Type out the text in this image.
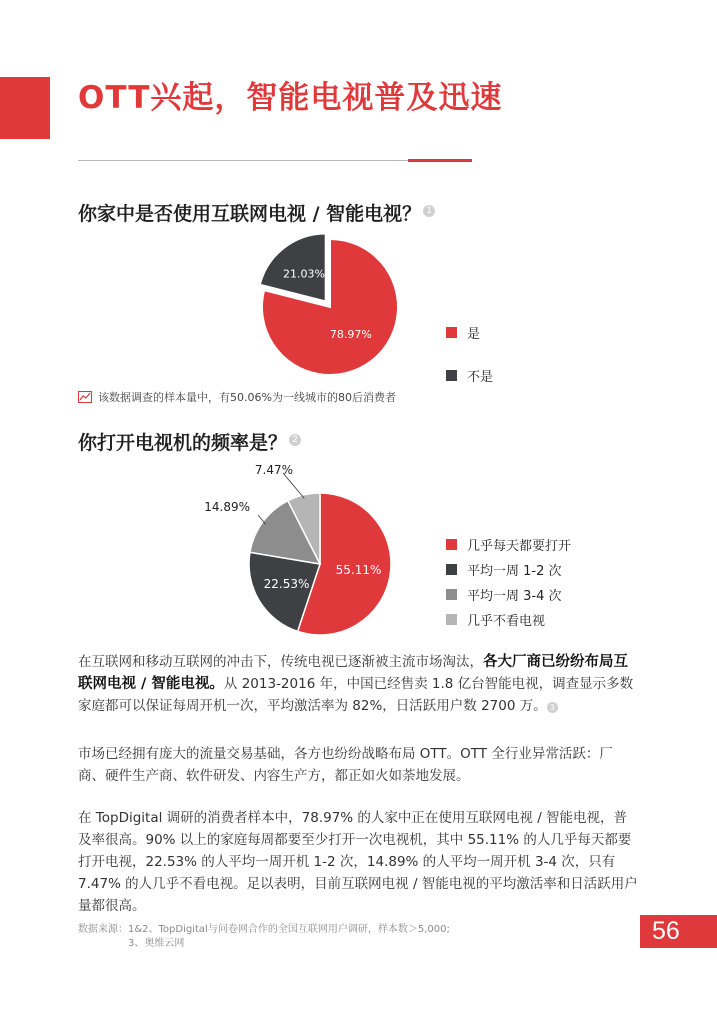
OTT兴起，智能电视普及迅速
你家中是否使用互联网电视 / 智能电视？ 1
78.97%
21.03%
是
不是
该数据调查的样本量中，有50.06%为一线城市的80后消费者
你打开电视机的频率是？ 2
55.11%
22.53%
14.89%
7.47%
几乎每天都要打开
平均一周 1-2 次
平均一周 3-4 次
几乎不看电视

在互联网和移动互联网的冲击下，传统电视已逐渐被主流市场淘汰，各大厂商已纷纷布局互联网电视 / 智能电视。从 2013-2016 年，中国已经售卖 1.8 亿台智能电视，调查显示多数家庭都可以保证每周开机一次，平均激活率为 82%，日活跃用户数 2700 万。 3

市场已经拥有庞大的流量交易基础，各方也纷纷战略布局 OTT。OTT 全行业异常活跃：厂商、硬件生产商、软件研发、内容生产方，都正如火如荼地发展。

在 TopDigital 调研的消费者样本中，78.97% 的人家中正在使用互联网电视 / 智能电视，普及率很高。90% 以上的家庭每周都要至少打开一次电视机，其中 55.11% 的人几乎每天都要打开电视，22.53% 的人平均一周开机 1-2 次，14.89% 的人平均一周开机 3-4 次，只有 7.47% 的人几乎不看电视。足以表明，目前互联网电视 / 智能电视的平均激活率和日活跃用户量都很高。

数据来源：1&2、TopDigital与问卷网合作的全国互联网用户调研，样本数＞5,000;
3、奥维云网	56
